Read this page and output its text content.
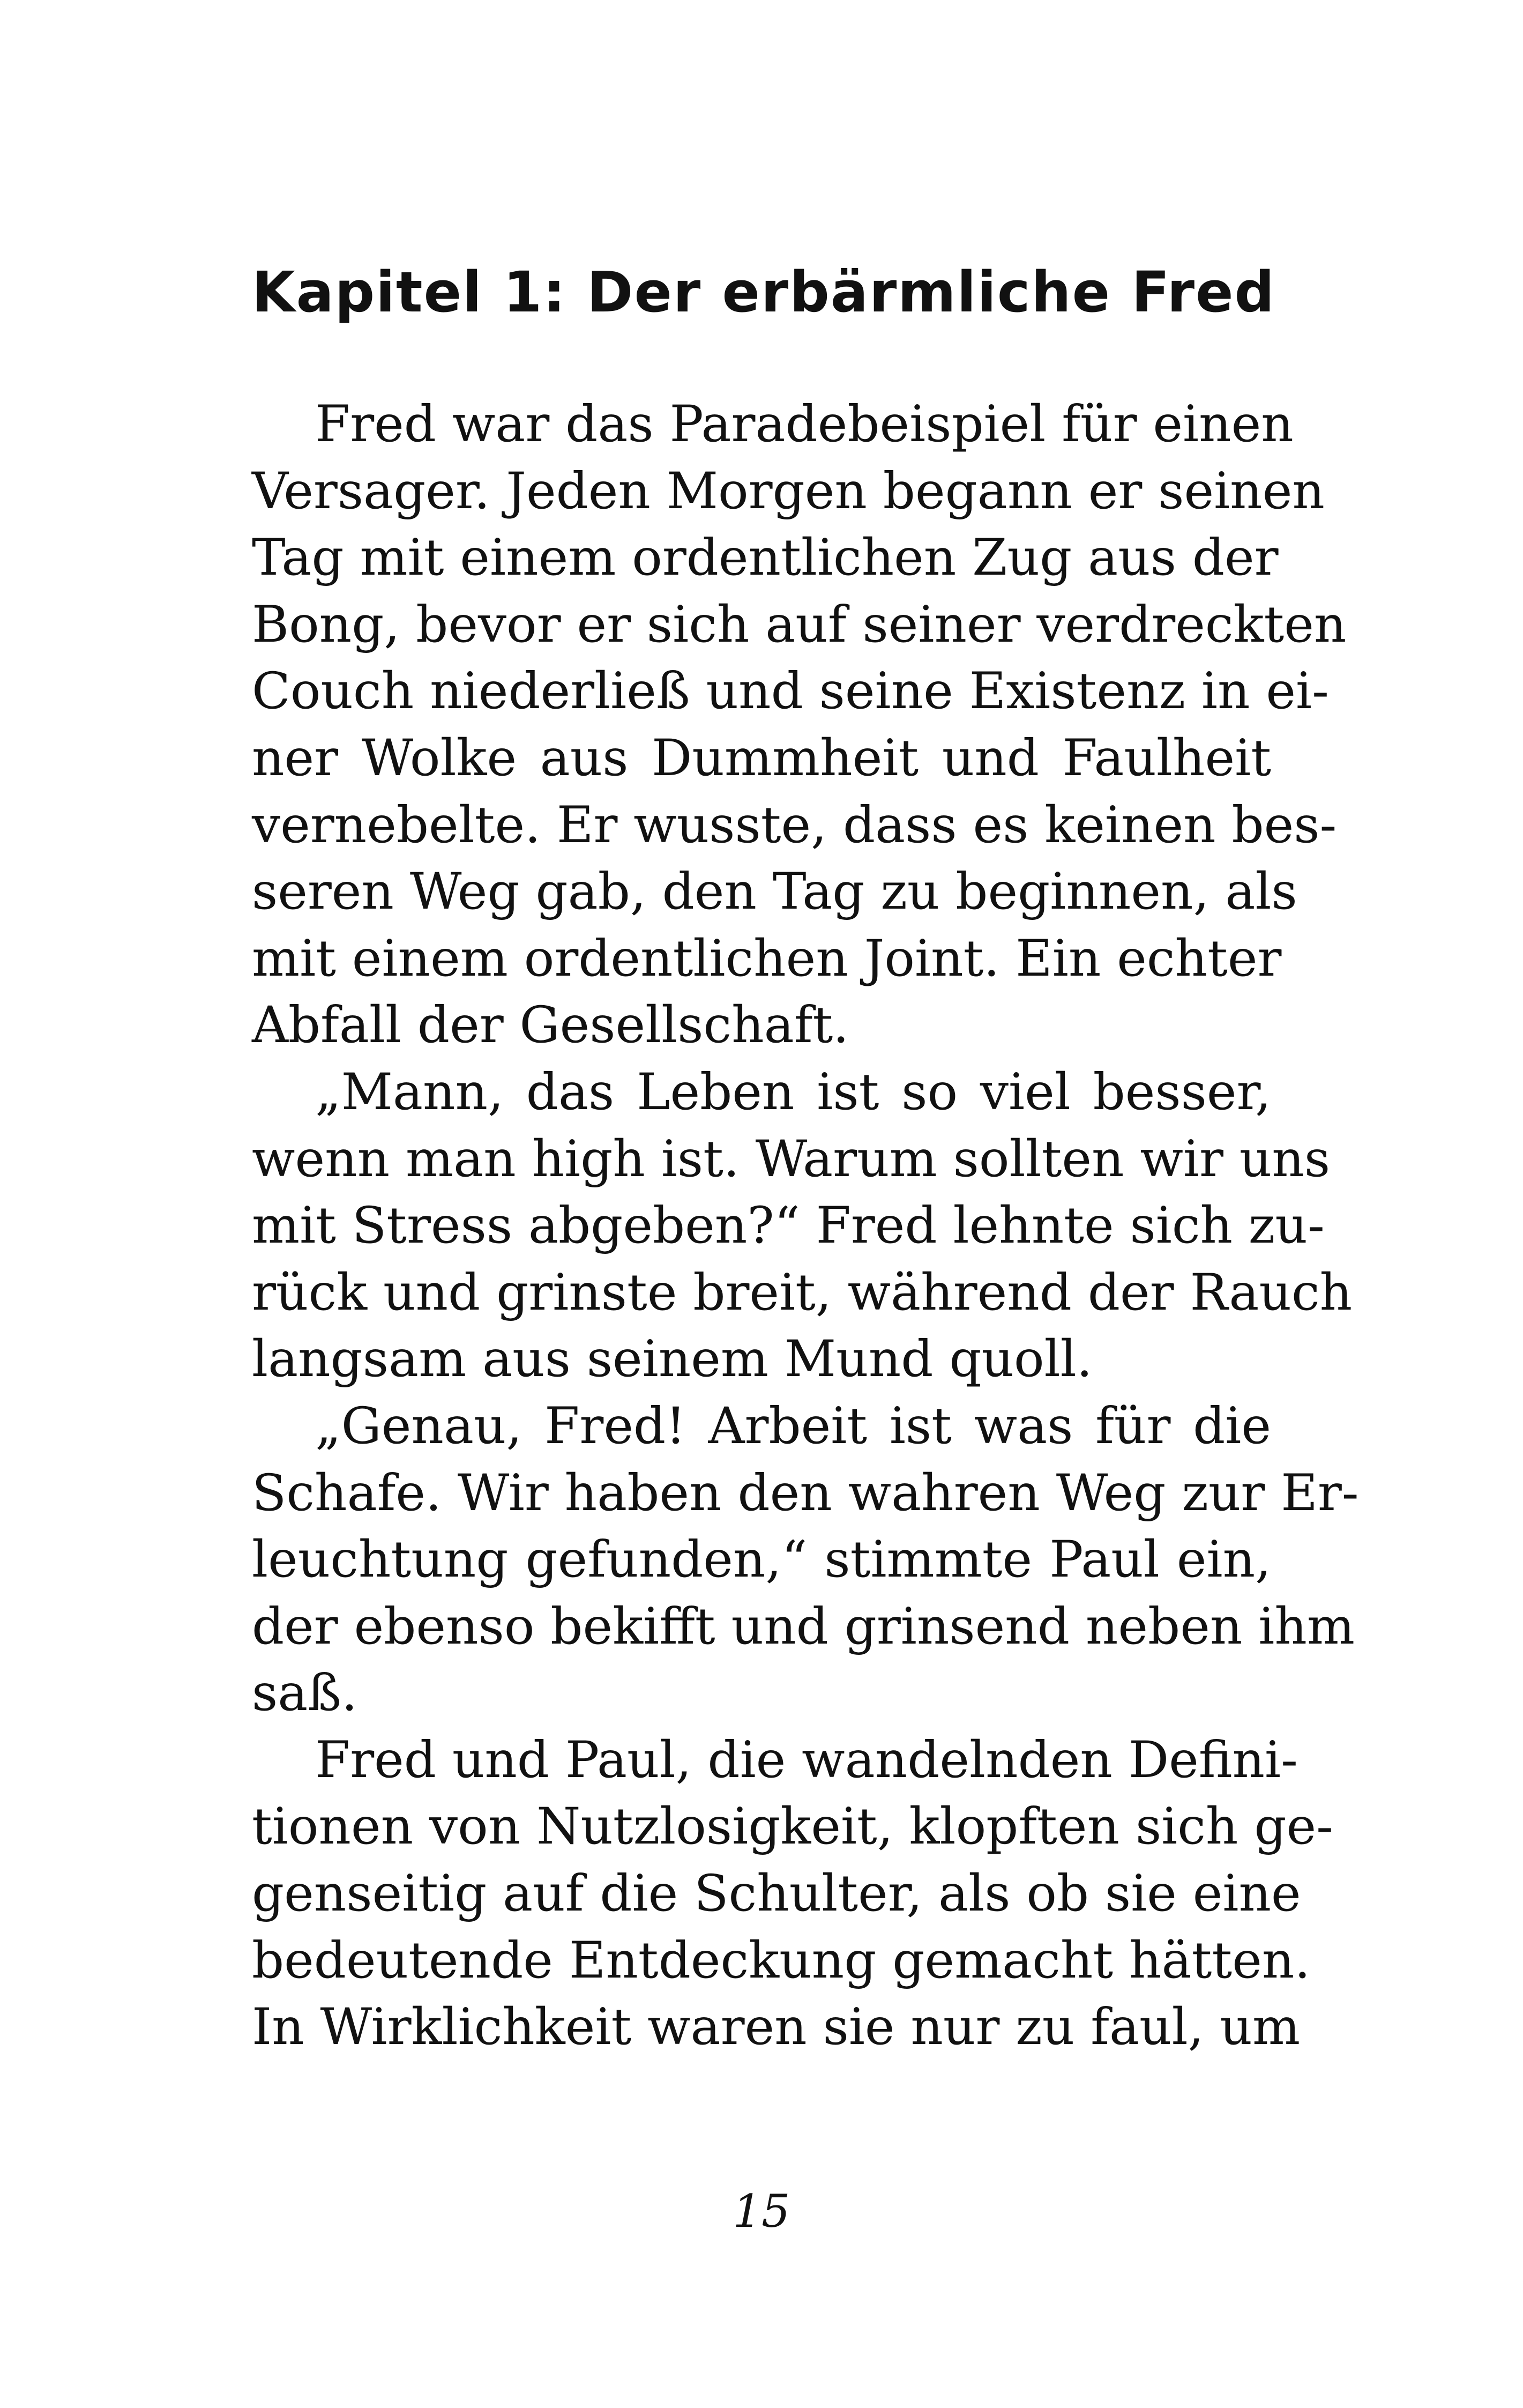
Kapitel 1: Der erbärmliche Fred
Fred war das Paradebeispiel für einen
Versager. Jeden Morgen begann er seinen
Tag mit einem ordentlichen Zug aus der
Bong, bevor er sich auf seiner verdreckten
Couch niederließ und seine Existenz in ei-
ner Wolke aus Dummheit und Faulheit
vernebelte. Er wusste, dass es keinen bes-
seren Weg gab, den Tag zu beginnen, als
mit einem ordentlichen Joint. Ein echter
Abfall der Gesellschaft.
„Mann, das Leben ist so viel besser,
wenn man high ist. Warum sollten wir uns
mit Stress abgeben?“ Fred lehnte sich zu-
rück und grinste breit, während der Rauch
langsam aus seinem Mund quoll.
„Genau, Fred! Arbeit ist was für die
Schafe. Wir haben den wahren Weg zur Er-
leuchtung gefunden,“ stimmte Paul ein,
der ebenso bekifft und grinsend neben ihm
saß.
Fred und Paul, die wandelnden Defini-
tionen von Nutzlosigkeit, klopften sich ge-
genseitig auf die Schulter, als ob sie eine
bedeutende Entdeckung gemacht hätten.
In Wirklichkeit waren sie nur zu faul, um
15
